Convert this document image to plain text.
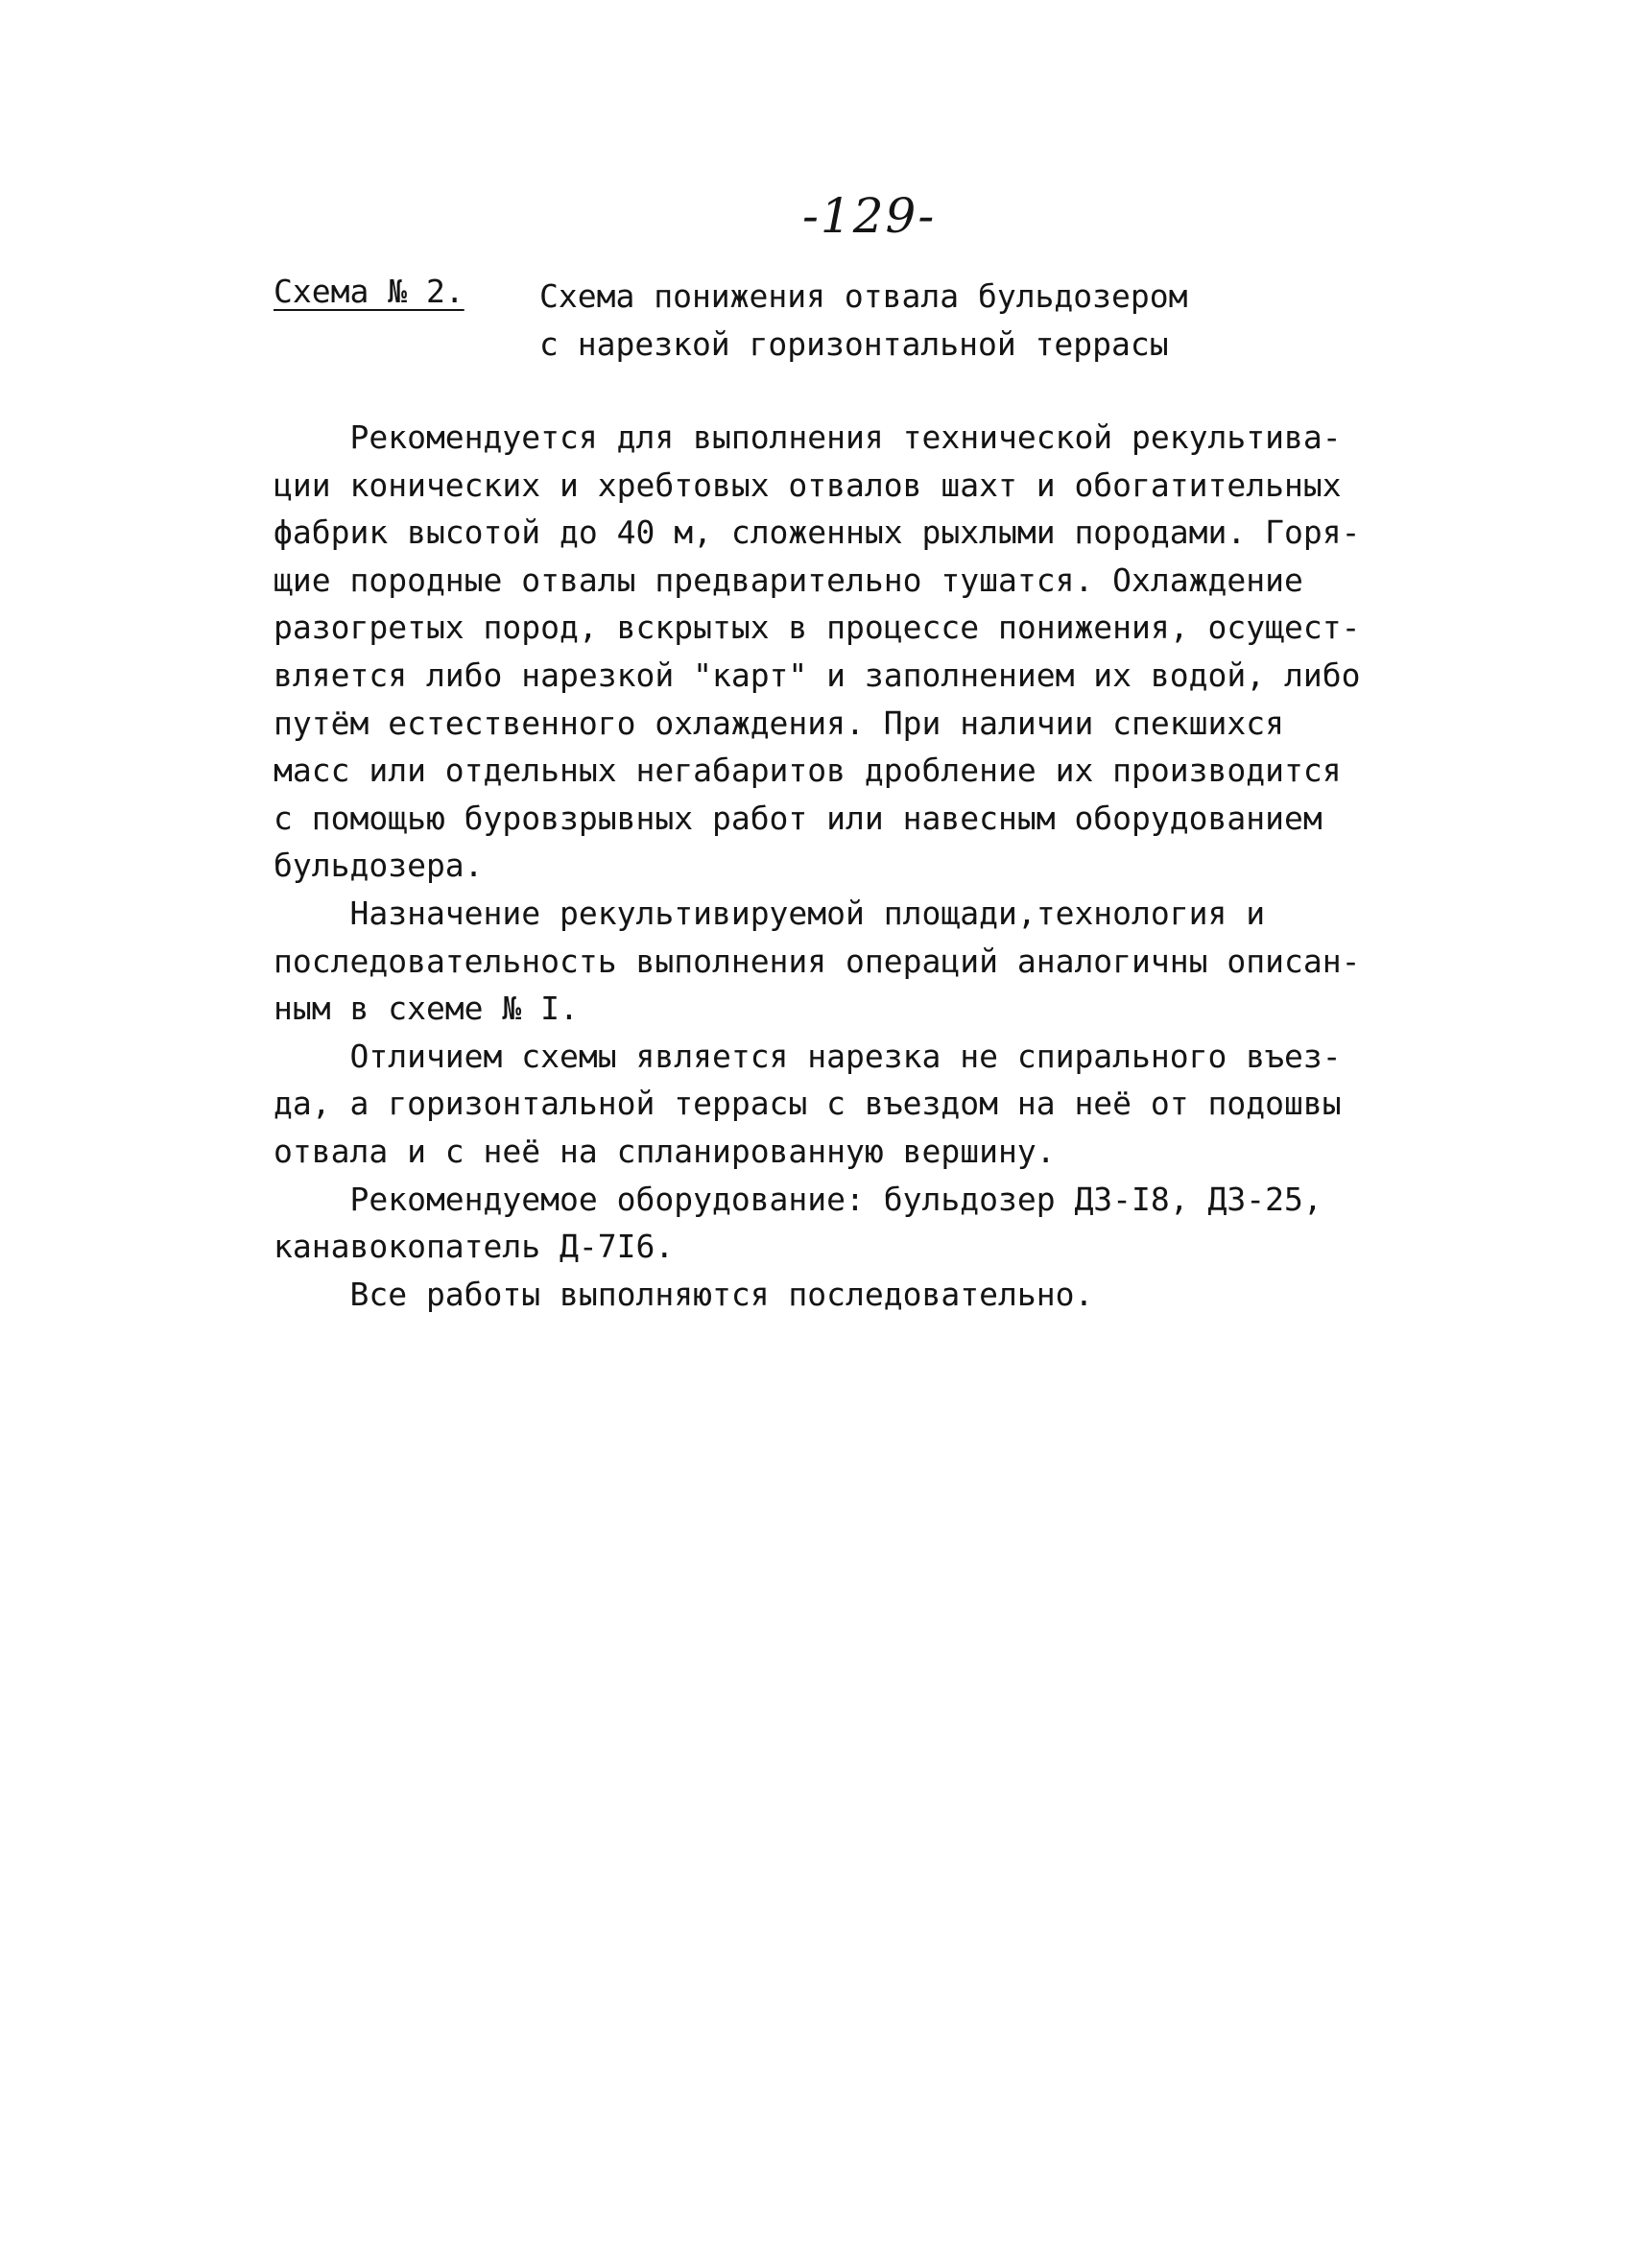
-129-
Схема № 2. Схема понижения отвала бульдозером
с нарезкой горизонтальной террасы
Рекомендуется для выполнения технической рекультива-
ции конических и хребтовых отвалов шахт и обогатительных
фабрик высотой до 40 м, сложенных рыхлыми породами. Горя-
щие породные отвалы предварительно тушатся. Охлаждение
разогретых пород, вскрытых в процессе понижения, осущест-
вляется либо нарезкой "карт" и заполнением их водой, либо
путём естественного охлаждения. При наличии спекшихся
масс или отдельных негабаритов дробление их производится
с помощью буровзрывных работ или навесным оборудованием
бульдозера.
Назначение рекультивируемой площади,технология и
последовательность выполнения операций аналогичны описан-
ным в схеме № I.
Отличием схемы является нарезка не спирального въез-
да, а горизонтальной террасы с въездом на неё от подошвы
отвала и с неё на спланированную вершину.
Рекомендуемое оборудование: бульдозер ДЗ-I8, ДЗ-25,
канавокопатель Д-7I6.
Все работы выполняются последовательно.
